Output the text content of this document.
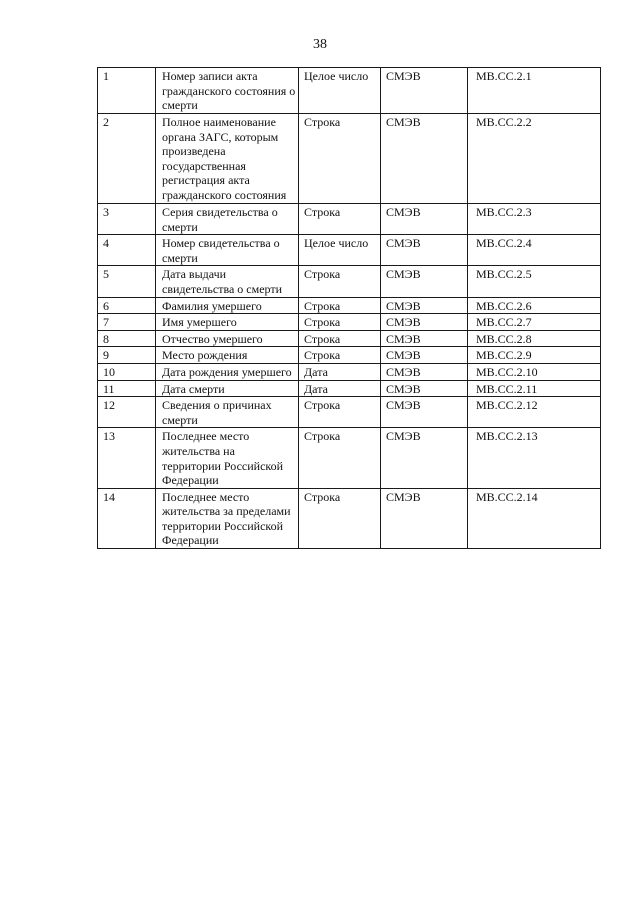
38
1	Номер записи акта гражданского состояния о смерти	Целое число	СМЭВ	МВ.СС.2.1
2	Полное наименование органа ЗАГС, которым произведена государственная регистрация акта гражданского состояния	Строка	СМЭВ	МВ.СС.2.2
3	Серия свидетельства о смерти	Строка	СМЭВ	МВ.СС.2.3
4	Номер свидетельства о смерти	Целое число	СМЭВ	МВ.СС.2.4
5	Дата выдачи свидетельства о смерти	Строка	СМЭВ	МВ.СС.2.5
6	Фамилия умершего	Строка	СМЭВ	МВ.СС.2.6
7	Имя умершего	Строка	СМЭВ	МВ.СС.2.7
8	Отчество умершего	Строка	СМЭВ	МВ.СС.2.8
9	Место рождения	Строка	СМЭВ	МВ.СС.2.9
10	Дата рождения умершего	Дата	СМЭВ	МВ.СС.2.10
11	Дата смерти	Дата	СМЭВ	МВ.СС.2.11
12	Сведения о причинах смерти	Строка	СМЭВ	МВ.СС.2.12
13	Последнее место жительства на территории Российской Федерации	Строка	СМЭВ	МВ.СС.2.13
14	Последнее место жительства за пределами территории Российской Федерации	Строка	СМЭВ	МВ.СС.2.14
